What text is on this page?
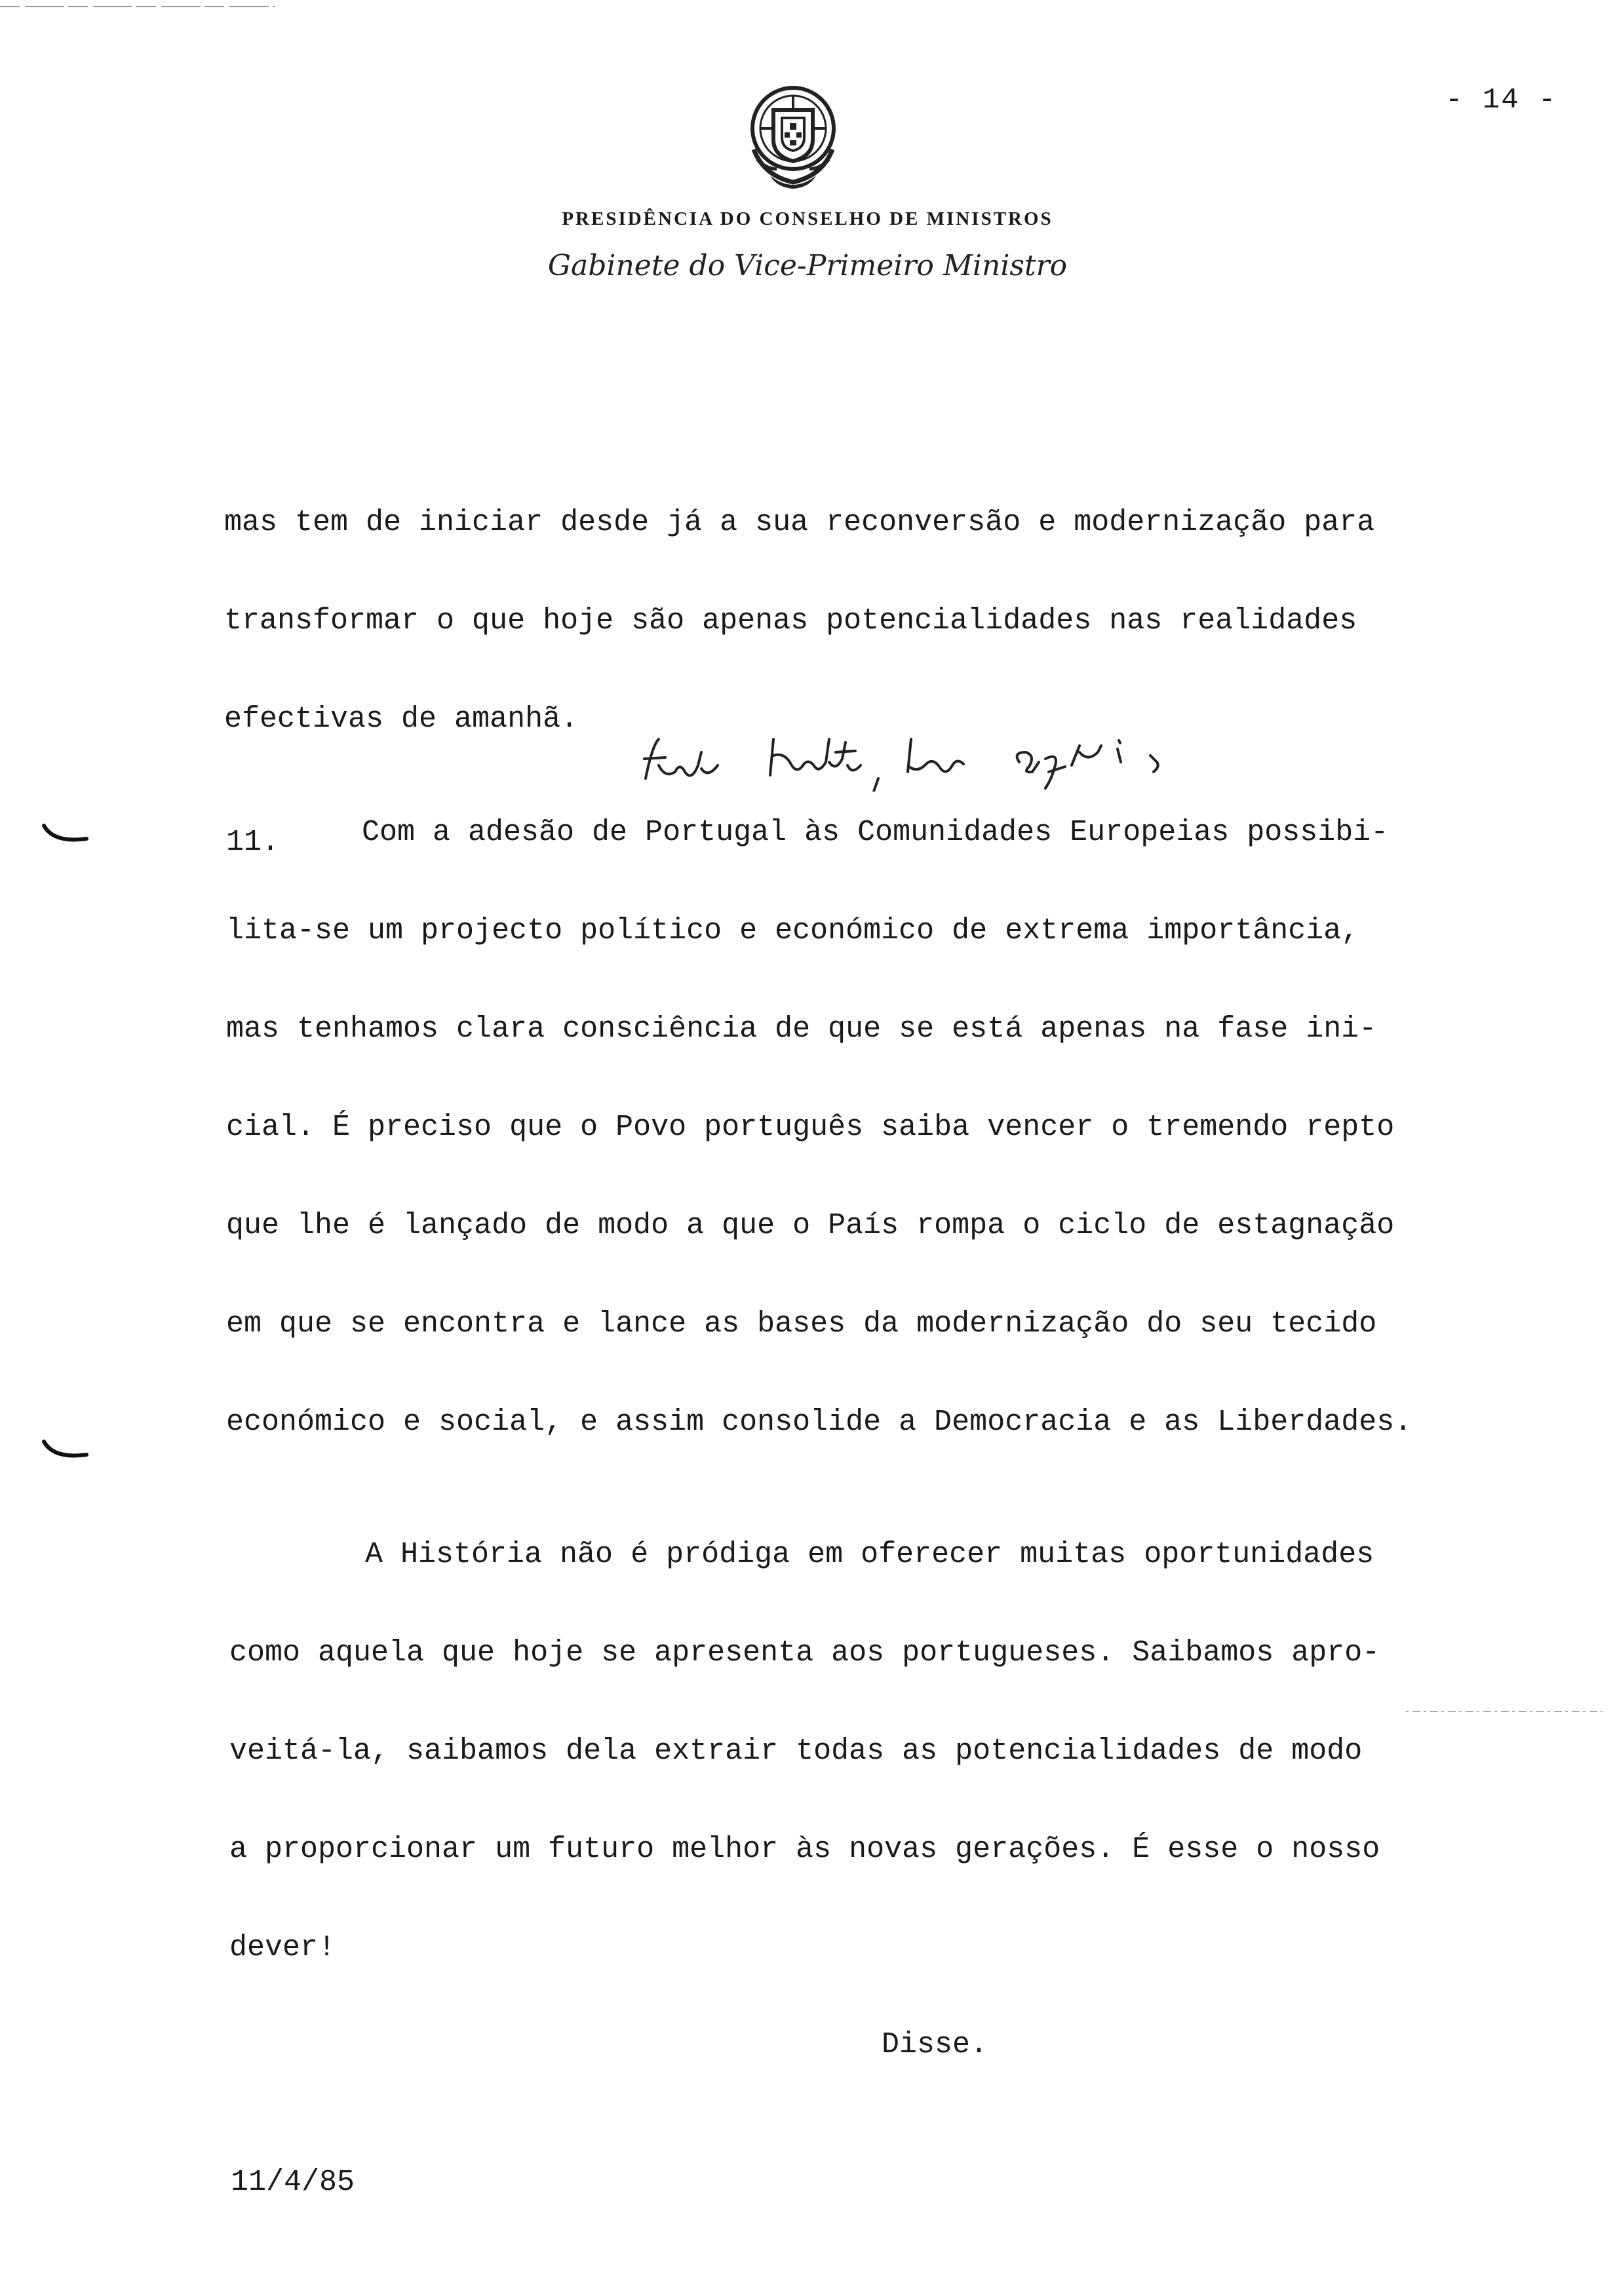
- 14 -
PRESIDÊNCIA DO CONSELHO DE MINISTROS
Gabinete do Vice-Primeiro Ministro
mas tem de iniciar desde já a sua reconversão e modernização para
transformar o que hoje são apenas potencialidades nas realidades
efectivas de amanhã.
11.	Com a adesão de Portugal às Comunidades Europeias possibi-
lita-se um projecto político e económico de extrema importância,
mas tenhamos clara consciência de que se está apenas na fase ini-
cial. É preciso que o Povo português saiba vencer o tremendo repto
que lhe é lançado de modo a que o País rompa o ciclo de estagnação
em que se encontra e lance as bases da modernização do seu tecido
económico e social, e assim consolide a Democracia e as Liberdades.
A História não é pródiga em oferecer muitas oportunidades
como aquela que hoje se apresenta aos portugueses. Saibamos apro-
veitá-la, saibamos dela extrair todas as potencialidades de modo
a proporcionar um futuro melhor às novas gerações. É esse o nosso
dever!
Disse.
11/4/85
